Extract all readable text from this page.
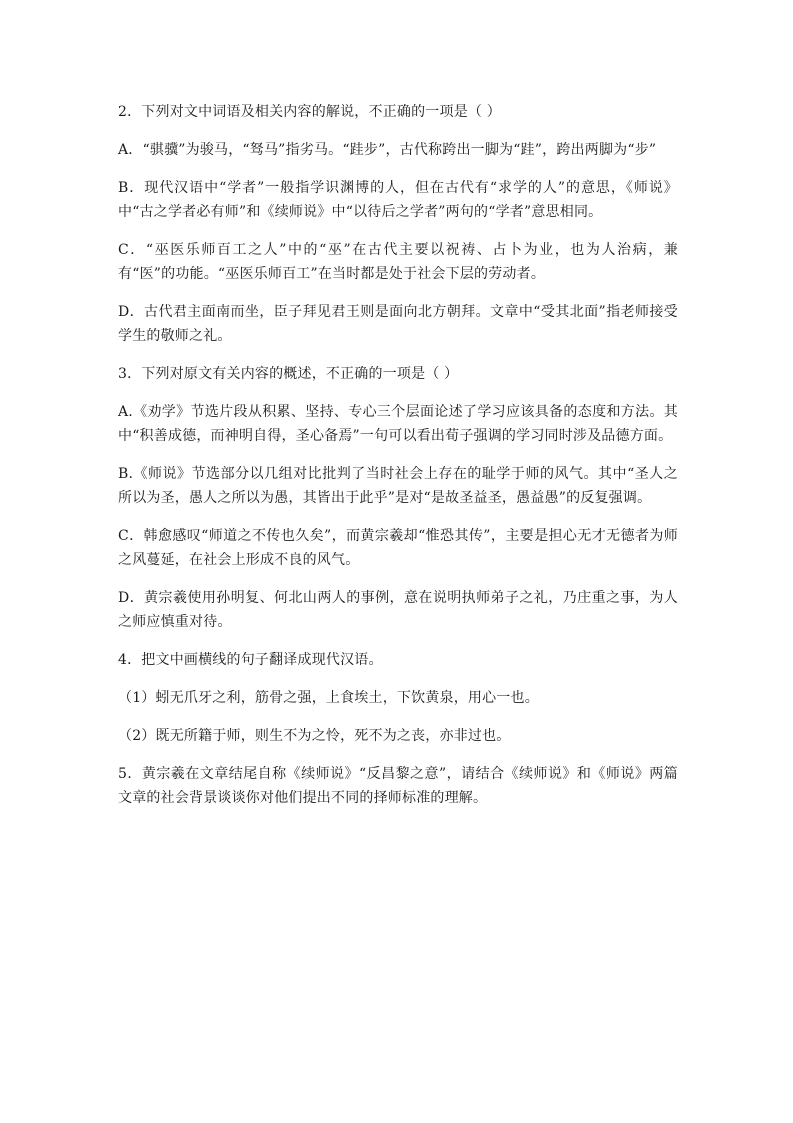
2．下列对文中词语及相关内容的解说，不正确的一项是（ ）

A．“骐骥”为骏马，“驽马”指劣马。“跬步”，古代称跨出一脚为“跬”，跨出两脚为“步”

B．现代汉语中“学者”一般指学识渊博的人，但在古代有“求学的人”的意思，《师说》中“古之学者必有师”和《续师说》中“以待后之学者”两句的“学者”意思相同。

C．“巫医乐师百工之人”中的“巫”在古代主要以祝祷、占卜为业，也为人治病，兼有“医”的功能。“巫医乐师百工”在当时都是处于社会下层的劳动者。

D．古代君主面南而坐，臣子拜见君王则是面向北方朝拜。文章中“受其北面”指老师接受学生的敬师之礼。

3．下列对原文有关内容的概述，不正确的一项是（ ）

A.《劝学》节选片段从积累、坚持、专心三个层面论述了学习应该具备的态度和方法。其中“积善成德，而神明自得，圣心备焉”一句可以看出荀子强调的学习同时涉及品德方面。

B.《师说》节选部分以几组对比批判了当时社会上存在的耻学于师的风气。其中“圣人之所以为圣，愚人之所以为愚，其皆出于此乎”是对“是故圣益圣，愚益愚”的反复强调。

C．韩愈感叹“师道之不传也久矣”，而黄宗羲却“惟恐其传”，主要是担心无才无德者为师之风蔓延，在社会上形成不良的风气。

D．黄宗羲使用孙明复、何北山两人的事例，意在说明执师弟子之礼，乃庄重之事，为人之师应慎重对待。

4．把文中画横线的句子翻译成现代汉语。

（1）蚓无爪牙之利，筋骨之强，上食埃土，下饮黄泉，用心一也。

（2）既无所籍于师，则生不为之怜，死不为之丧，亦非过也。

5．黄宗羲在文章结尾自称《续师说》“反昌黎之意”，请结合《续师说》和《师说》两篇文章的社会背景谈谈你对他们提出不同的择师标准的理解。
